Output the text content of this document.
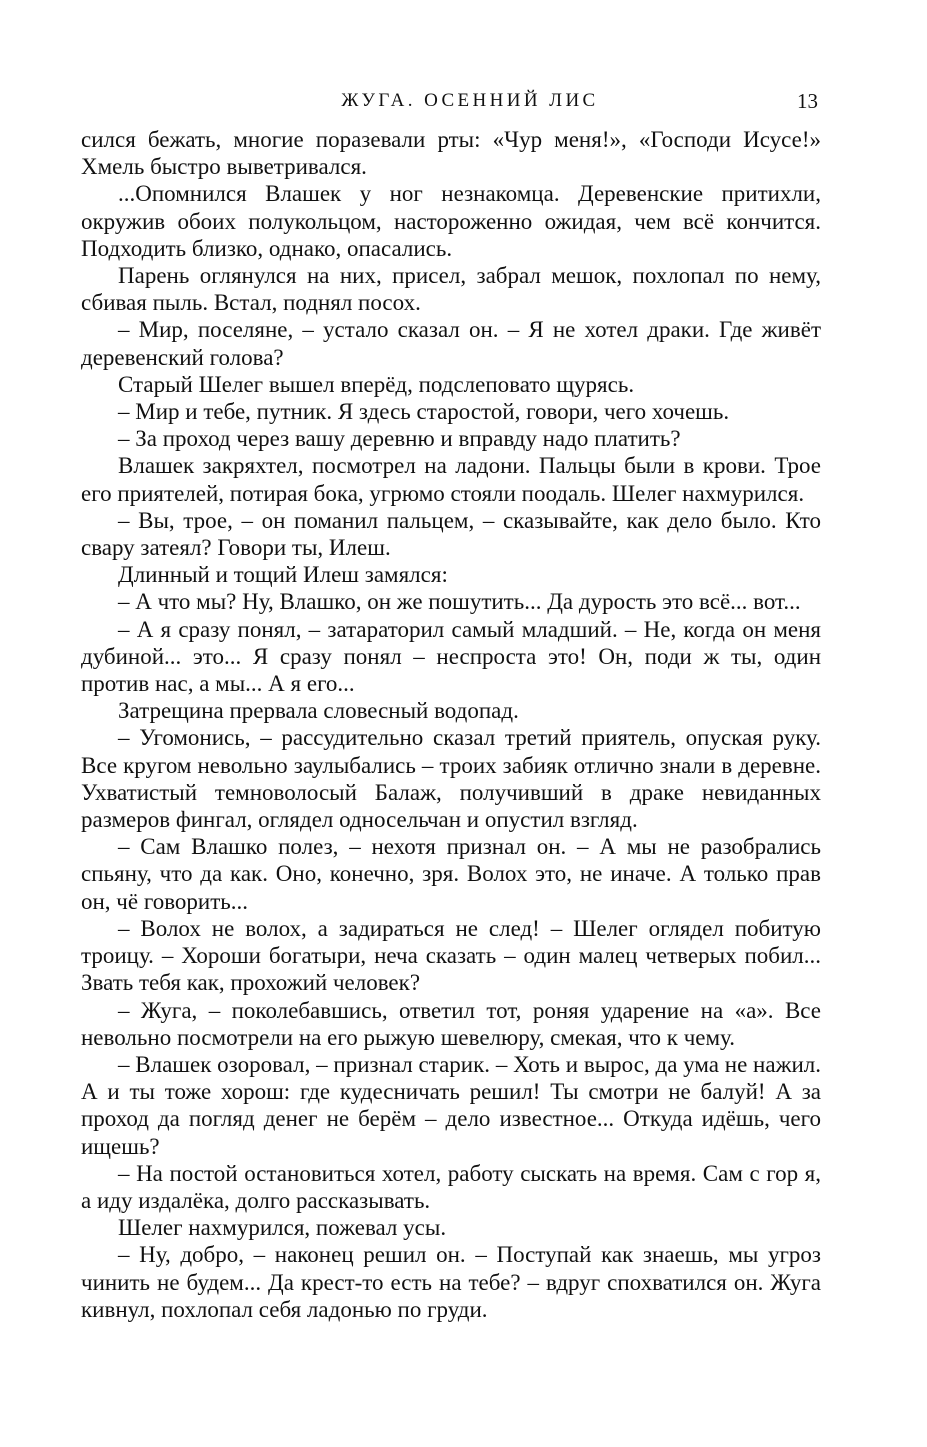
ЖУГА. ОСЕННИЙ ЛИС	13

сился бежать, многие поразевали рты: «Чур меня!», «Господи Исусе!» Хмель быстро выветривался.

...Опомнился Влашек у ног незнакомца. Деревенские притихли, окружив обоих полукольцом, настороженно ожидая, чем всё кончится. Подходить близко, однако, опасались.

Парень оглянулся на них, присел, забрал мешок, похлопал по нему, сбивая пыль. Встал, поднял посох.

– Мир, поселяне, – устало сказал он. – Я не хотел драки. Где живёт деревенский голова?

Старый Шелег вышел вперёд, подслеповато щурясь.

– Мир и тебе, путник. Я здесь старостой, говори, чего хочешь.

– За проход через вашу деревню и вправду надо платить?

Влашек закряхтел, посмотрел на ладони. Пальцы были в крови. Трое его приятелей, потирая бока, угрюмо стояли поодаль. Шелег нахмурился.

– Вы, трое, – он поманил пальцем, – сказывайте, как дело было. Кто свару затеял? Говори ты, Илеш.

Длинный и тощий Илеш замялся:

– А что мы? Ну, Влашко, он же пошутить... Да дурость это всё... вот...

– А я сразу понял, – затараторил самый младший. – Не, когда он меня дубиной... это... Я сразу понял – неспроста это! Он, поди ж ты, один против нас, а мы... А я его...

Затрещина прервала словесный водопад.

– Угомонись, – рассудительно сказал третий приятель, опуская руку. Все кругом невольно заулыбались – троих забияк отлично знали в деревне. Ухватистый темноволосый Балаж, получивший в драке невиданных размеров фингал, оглядел односельчан и опустил взгляд.

– Сам Влашко полез, – нехотя признал он. – А мы не разобрались спьяну, что да как. Оно, конечно, зря. Волох это, не иначе. А только прав он, чё говорить...

– Волох не волох, а задираться не след! – Шелег оглядел побитую троицу. – Хороши богатыри, неча сказать – один малец четверых побил... Звать тебя как, прохожий человек?

– Жуга, – поколебавшись, ответил тот, роняя ударение на «а». Все невольно посмотрели на его рыжую шевелюру, смекая, что к чему.

– Влашек озоровал, – признал старик. – Хоть и вырос, да ума не нажил. А и ты тоже хорош: где кудесничать решил! Ты смотри не балуй! А за проход да погляд денег не берём – дело известное... Откуда идёшь, чего ищешь?

– На постой остановиться хотел, работу сыскать на время. Сам с гор я, а иду издалёка, долго рассказывать.

Шелег нахмурился, пожевал усы.

– Ну, добро, – наконец решил он. – Поступай как знаешь, мы угроз чинить не будем... Да крест-то есть на тебе? – вдруг спохватился он. Жуга кивнул, похлопал себя ладонью по груди.
